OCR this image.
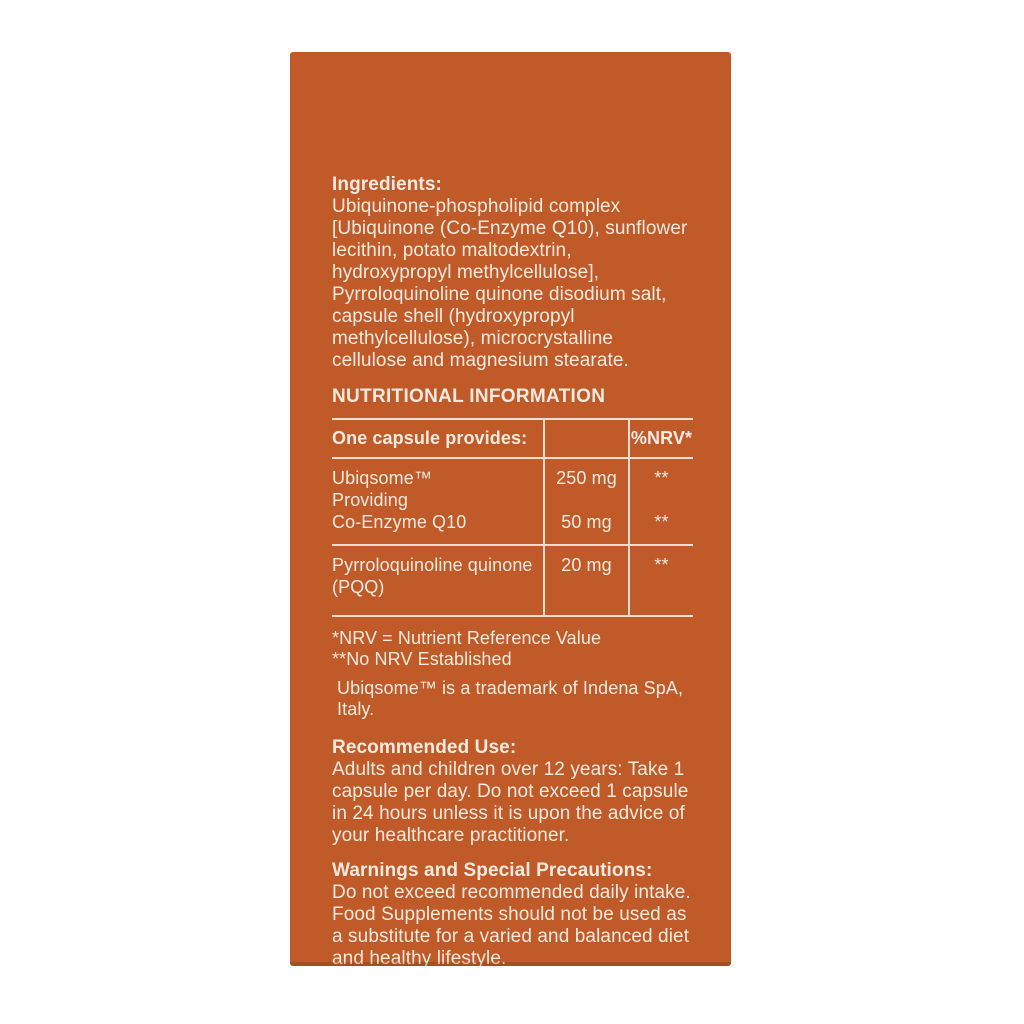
Ingredients:
Ubiquinone-phospholipid complex
[Ubiquinone (Co-Enzyme Q10), sunflower
lecithin, potato maltodextrin,
hydroxypropyl methylcellulose],
Pyrroloquinoline quinone disodium salt,
capsule shell (hydroxypropyl
methylcellulose), microcrystalline
cellulose and magnesium stearate.
NUTRITIONAL INFORMATION
One capsule provides:	%NRV*
Ubiqsome™
Providing
Co-Enzyme Q10
250 mg

50 mg
**

**
Pyrroloquinoline quinone
(PQQ)
20 mg	**
*NRV = Nutrient Reference Value
**No NRV Established
Ubiqsome™ is a trademark of Indena SpA, Italy.
Recommended Use:
Adults and children over 12 years: Take 1
capsule per day. Do not exceed 1 capsule
in 24 hours unless it is upon the advice of
your healthcare practitioner.
Warnings and Special Precautions:
Do not exceed recommended daily intake.
Food Supplements should not be used as
a substitute for a varied and balanced diet
and healthy lifestyle.
